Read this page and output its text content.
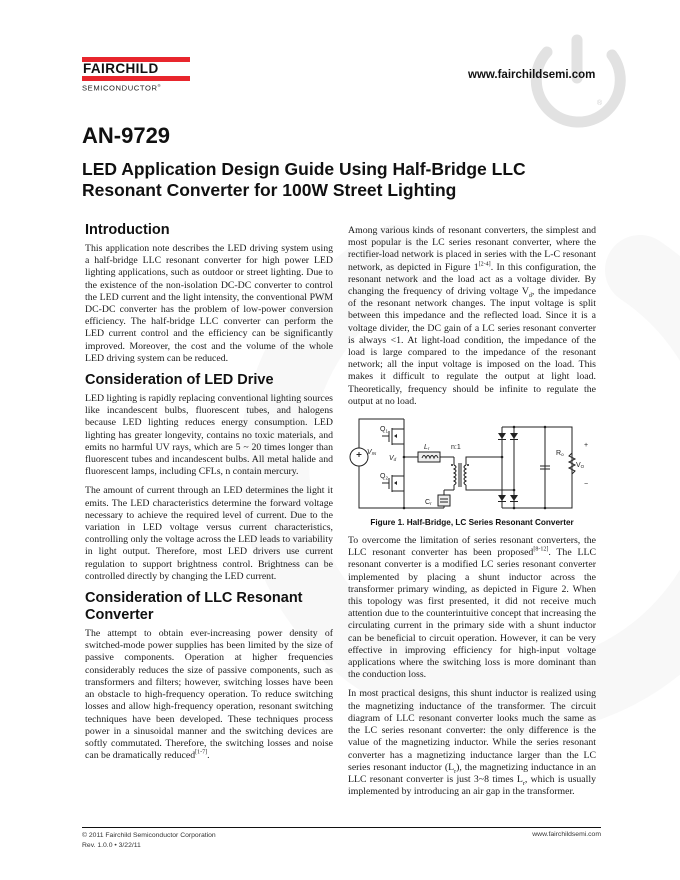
FAIRCHILD
SEMICONDUCTOR®
www.fairchildsemi.com
®
AN-9729
LED Application Design Guide Using Half-Bridge LLC
Resonant Converter for 100W Street Lighting
Introduction

This application note describes the LED driving system using a half-bridge LLC resonant converter for high power LED lighting applications, such as outdoor or street lighting. Due to the existence of the non-isolation DC-DC converter to control the LED current and the light intensity, the conventional PWM DC-DC converter has the problem of low-power conversion efficiency. The half-bridge LLC converter can perform the LED current control and the efficiency can be significantly improved. Moreover, the cost and the volume of the whole LED driving system can be reduced.

Consideration of LED Drive

LED lighting is rapidly replacing conventional lighting sources like incandescent bulbs, fluorescent tubes, and halogens because LED lighting reduces energy consumption. LED lighting has greater longevity, contains no toxic materials, and emits no harmful UV rays, which are 5 ~ 20 times longer than fluorescent tubes and incandescent bulbs. All metal halide and fluorescent lamps, including CFLs, n contain mercury.

The amount of current through an LED determines the light it emits. The LED characteristics determine the forward voltage necessary to achieve the required level of current. Due to the variation in LED voltage versus current characteristics, controlling only the voltage across the LED leads to variability in light output. Therefore, most LED drivers use current regulation to support brightness control. Brightness can be controlled directly by changing the LED current.

Consideration of LLC Resonant Converter

The attempt to obtain ever-increasing power density of switched-mode power supplies has been limited by the size of passive components. Operation at higher frequencies considerably reduces the size of passive components, such as transformers and filters; however, switching losses have been an obstacle to high-frequency operation. To reduce switching losses and allow high-frequency operation, resonant switching techniques have been developed. These techniques process power in a sinusoidal manner and the switching devices are softly commutated. Therefore, the switching losses and noise can be dramatically reduced[1-7].

Among various kinds of resonant converters, the simplest and most popular is the LC series resonant converter, where the rectifier-load network is placed in series with the L-C resonant network, as depicted in Figure 1[2-4]. In this configuration, the resonant network and the load act as a voltage divider. By changing the frequency of driving voltage $V_d$, the impedance of the resonant network changes. The input voltage is split between this impedance and the reflected load. Since it is a voltage divider, the DC gain of a LC series resonant converter is always <1. At light-load condition, the impedance of the load is large compared to the impedance of the resonant network; all the input voltage is imposed on the load. This makes it difficult to regulate the output at light load. Theoretically, frequency should be infinite to regulate the output at no load.

VIN
$Q_1$
$Q_2$
Vd
Lr	n:1
Cr
Ro
VO
+
−
Figure 1. Half-Bridge, LC Series Resonant Converter

To overcome the limitation of series resonant converters, the LLC resonant converter has been proposed[8-12]. The LLC resonant converter is a modified LC series resonant converter implemented by placing a shunt inductor across the transformer primary winding, as depicted in Figure 2. When this topology was first presented, it did not receive much attention due to the counterintuitive concept that increasing the circulating current in the primary side with a shunt inductor can be beneficial to circuit operation. However, it can be very effective in improving efficiency for high-input voltage applications where the switching loss is more dominant than the conduction loss.

In most practical designs, this shunt inductor is realized using the magnetizing inductance of the transformer. The circuit diagram of LLC resonant converter looks much the same as the LC series resonant converter: the only difference is the value of the magnetizing inductor. While the series resonant converter has a magnetizing inductance larger than the LC series resonant inductor $(L_r)$, the magnetizing inductance in an LLC resonant converter is just 3~8 times $L_r$, which is usually implemented by introducing an air gap in the transformer.

© 2011 Fairchild Semiconductor Corporation
Rev. 1.0.0 • 3/22/11
www.fairchildsemi.com
